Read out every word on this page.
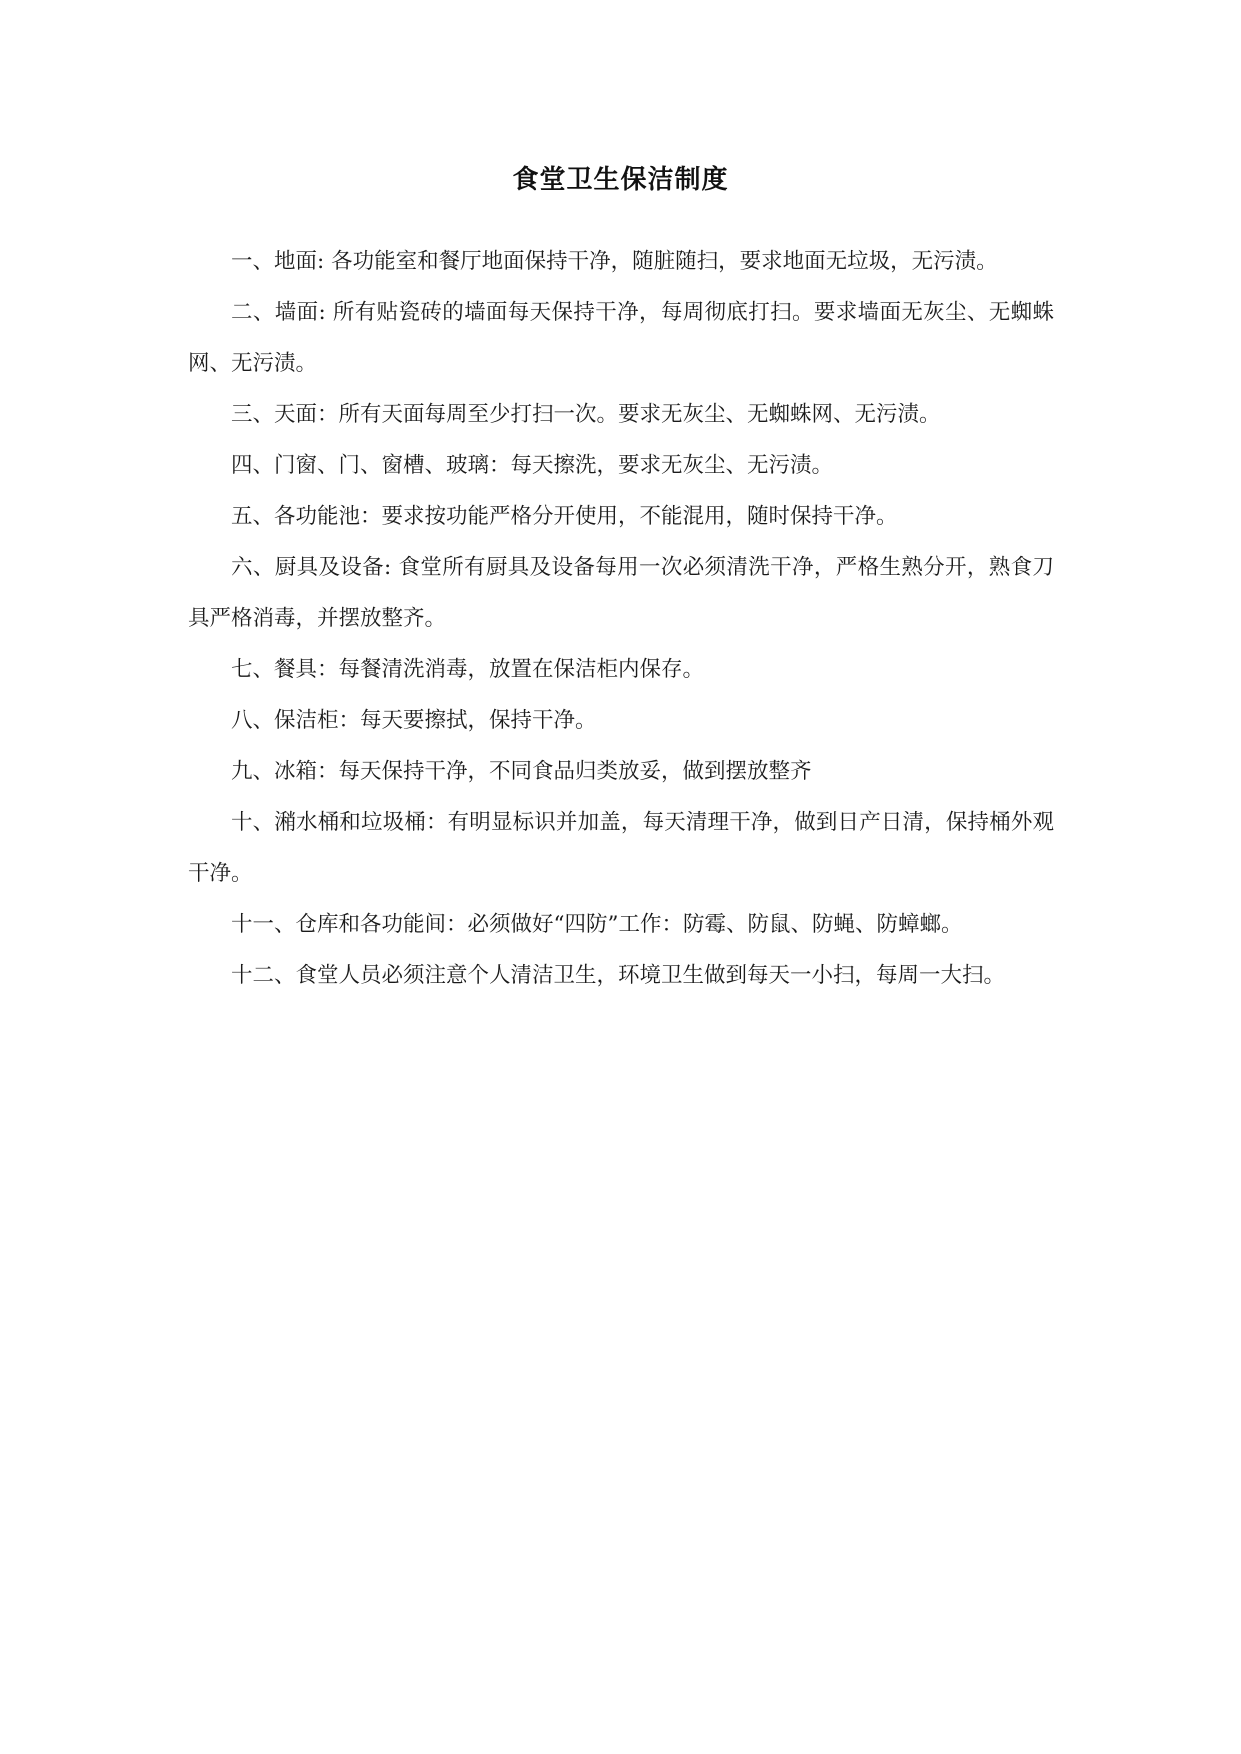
食堂卫生保洁制度

一、地面: 各功能室和餐厅地面保持干净，随脏随扫，要求地面无垃圾，无污渍。

二、墙面: 所有贴瓷砖的墙面每天保持干净，每周彻底打扫。要求墙面无灰尘、无蜘蛛网、无污渍。

三、天面：所有天面每周至少打扫一次。要求无灰尘、无蜘蛛网、无污渍。

四、门窗、门、窗槽、玻璃：每天擦洗，要求无灰尘、无污渍。

五、各功能池：要求按功能严格分开使用，不能混用，随时保持干净。

六、厨具及设备: 食堂所有厨具及设备每用一次必须清洗干净，严格生熟分开，熟食刀具严格消毒，并摆放整齐。

七、餐具：每餐清洗消毒，放置在保洁柜内保存。

八、保洁柜：每天要擦拭，保持干净。

九、冰箱：每天保持干净，不同食品归类放妥，做到摆放整齐

十、潲水桶和垃圾桶：有明显标识并加盖，每天清理干净，做到日产日清，保持桶外观干净。

十一、仓库和各功能间：必须做好“四防”工作：防霉、防鼠、防蝇、防蟑螂。

十二、食堂人员必须注意个人清洁卫生，环境卫生做到每天一小扫，每周一大扫。
